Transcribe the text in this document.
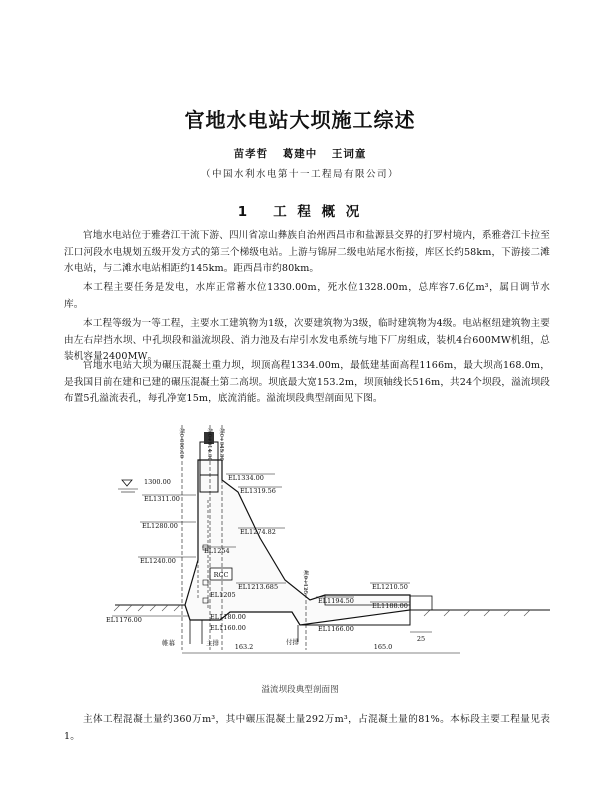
官地水电站大坝施工综述
苗孝哲 葛建中 王词童
（中国水利水电第十一工程局有限公司）
1 工 程 概 况

官地水电站位于雅砻江干流下游、四川省凉山彝族自治州西昌市和盐源县交界的打罗村境内，系雅砻江卡拉至江口河段水电规划五级开发方式的第三个梯级电站。上游与锦屏二级电站尾水衔接，库区长约58km，下游接二滩水电站，与二滩水电站相距约145km。距西昌市约80km。

本工程主要任务是发电，水库正常蓄水位1330.00m，死水位1328.00m，总库容7.6亿m³，属日调节水库。

本工程等级为一等工程，主要水工建筑物为1级，次要建筑物为3级，临时建筑物为4级。电站枢纽建筑物主要由左右岸挡水坝、中孔坝段和溢流坝段、消力池及右岸引水发电系统与地下厂房组成，装机4台600MW机组，总装机容量2400MW。

官地水电站大坝为碾压混凝土重力坝，坝顶高程1334.00m，最低建基面高程1166m，最大坝高168.0m，是我国目前在建和已建的碾压混凝土第二高坝。坝底最大宽153.2m，坝顶轴线长516m，共24个坝段，溢流坝段布置5孔溢流表孔，每孔净宽15m，底流消能。溢流坝段典型剖面见下图。

RCC
坝0-006.00	坝0+014.00	坝0+045.80
坝0+125
1300.00	EL1334.00
EL1319.56
EL1311.00
EL1280.00
EL1274.82
EL1254
EL1240.00
EL1213.685
EL1205
EL1194.50
EL1210.50
EL1188.00
EL1176.00	EL1180.00
EL1166.00
EL1160.00
帷幕	主排	付排
163.2	165.0
25
溢流坝段典型剖面图

主体工程混凝土量约360万m³，其中碾压混凝土量292万m³，占混凝土量的81%。本标段主要工程量见表1。
